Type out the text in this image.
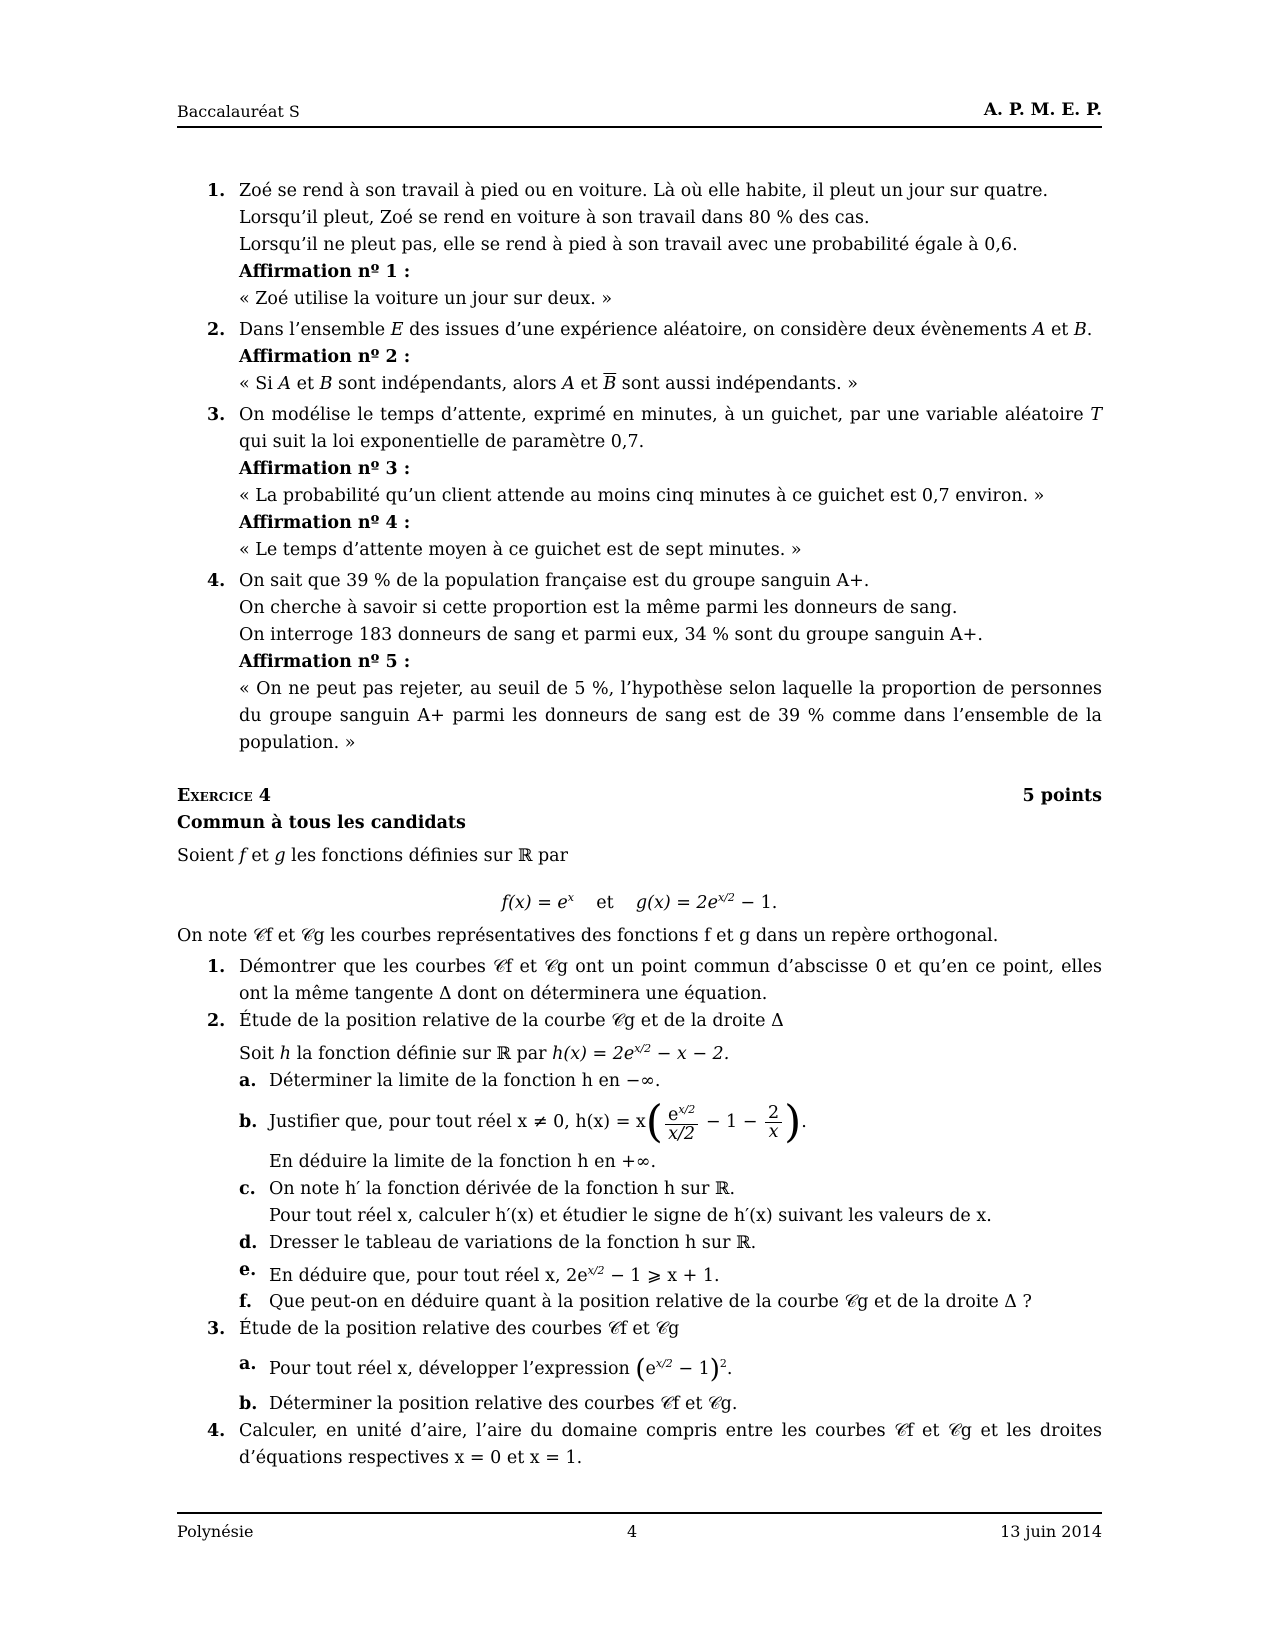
Baccalauréat S	A. P. M. E. P.
1. Zoé se rend à son travail à pied ou en voiture. Là où elle habite, il pleut un jour sur quatre.
Lorsqu’il pleut, Zoé se rend en voiture à son travail dans 80 % des cas.
Lorsqu’il ne pleut pas, elle se rend à pied à son travail avec une probabilité égale à 0,6.
Affirmation nº 1 :
« Zoé utilise la voiture un jour sur deux. »
2. Dans l’ensemble E des issues d’une expérience aléatoire, on considère deux évènements A et B.
Affirmation nº 2 :
« Si A et B sont indépendants, alors A et $\overline{B}$ sont aussi indépendants. »
3. On modélise le temps d’attente, exprimé en minutes, à un guichet, par une variable aléatoire T qui suit la loi exponentielle de paramètre 0,7.
Affirmation nº 3 :
« La probabilité qu’un client attende au moins cinq minutes à ce guichet est 0,7 environ. »
Affirmation nº 4 :
« Le temps d’attente moyen à ce guichet est de sept minutes. »
4. On sait que 39 % de la population française est du groupe sanguin A+.
On cherche à savoir si cette proportion est la même parmi les donneurs de sang.
On interroge 183 donneurs de sang et parmi eux, 34 % sont du groupe sanguin A+.
Affirmation nº 5 :
« On ne peut pas rejeter, au seuil de 5 %, l’hypothèse selon laquelle la proportion de personnes du groupe sanguin A+ parmi les donneurs de sang est de 39 % comme dans l’ensemble de la population. »
Exercice 4	5 points
Commun à tous les candidats
Soient f et g les fonctions définies sur ℝ par
$f(x) = e^x$ et $g(x) = 2e^{x/2} - 1$.
On note 𝒞f et 𝒞g les courbes représentatives des fonctions f et g dans un repère orthogonal.
1. Démontrer que les courbes 𝒞f et 𝒞g ont un point commun d’abscisse 0 et qu’en ce point, elles ont la même tangente Δ dont on déterminera une équation.
2. Étude de la position relative de la courbe 𝒞g et de la droite Δ
Soit h la fonction définie sur ℝ par $h(x) = 2e^{x/2} - x - 2$.
a. Déterminer la limite de la fonction h en −∞.
b. Justifier que, pour tout réel x ≠ 0, $h(x) = x( \frac{e^{x/2}}{x/2} - 1 - \frac{2}{x}$ ).
En déduire la limite de la fonction h en +∞.
c. On note h′ la fonction dérivée de la fonction h sur ℝ.
Pour tout réel x, calculer h′(x) et étudier le signe de h′(x) suivant les valeurs de x.
d. Dresser le tableau de variations de la fonction h sur ℝ.
e. En déduire que, pour tout réel x, $2e^{x/2} - 1$ ⩾ x + 1.
f. Que peut-on en déduire quant à la position relative de la courbe 𝒞g et de la droite Δ ?
3. Étude de la position relative des courbes 𝒞f et 𝒞g
a. Pour tout réel x, développer l’expression $(e^{x/2} - 1)^2$.
b. Déterminer la position relative des courbes 𝒞f et 𝒞g.
4. Calculer, en unité d’aire, l’aire du domaine compris entre les courbes 𝒞f et 𝒞g et les droites d’équations respectives x = 0 et x = 1.
Polynésie	4	13 juin 2014
